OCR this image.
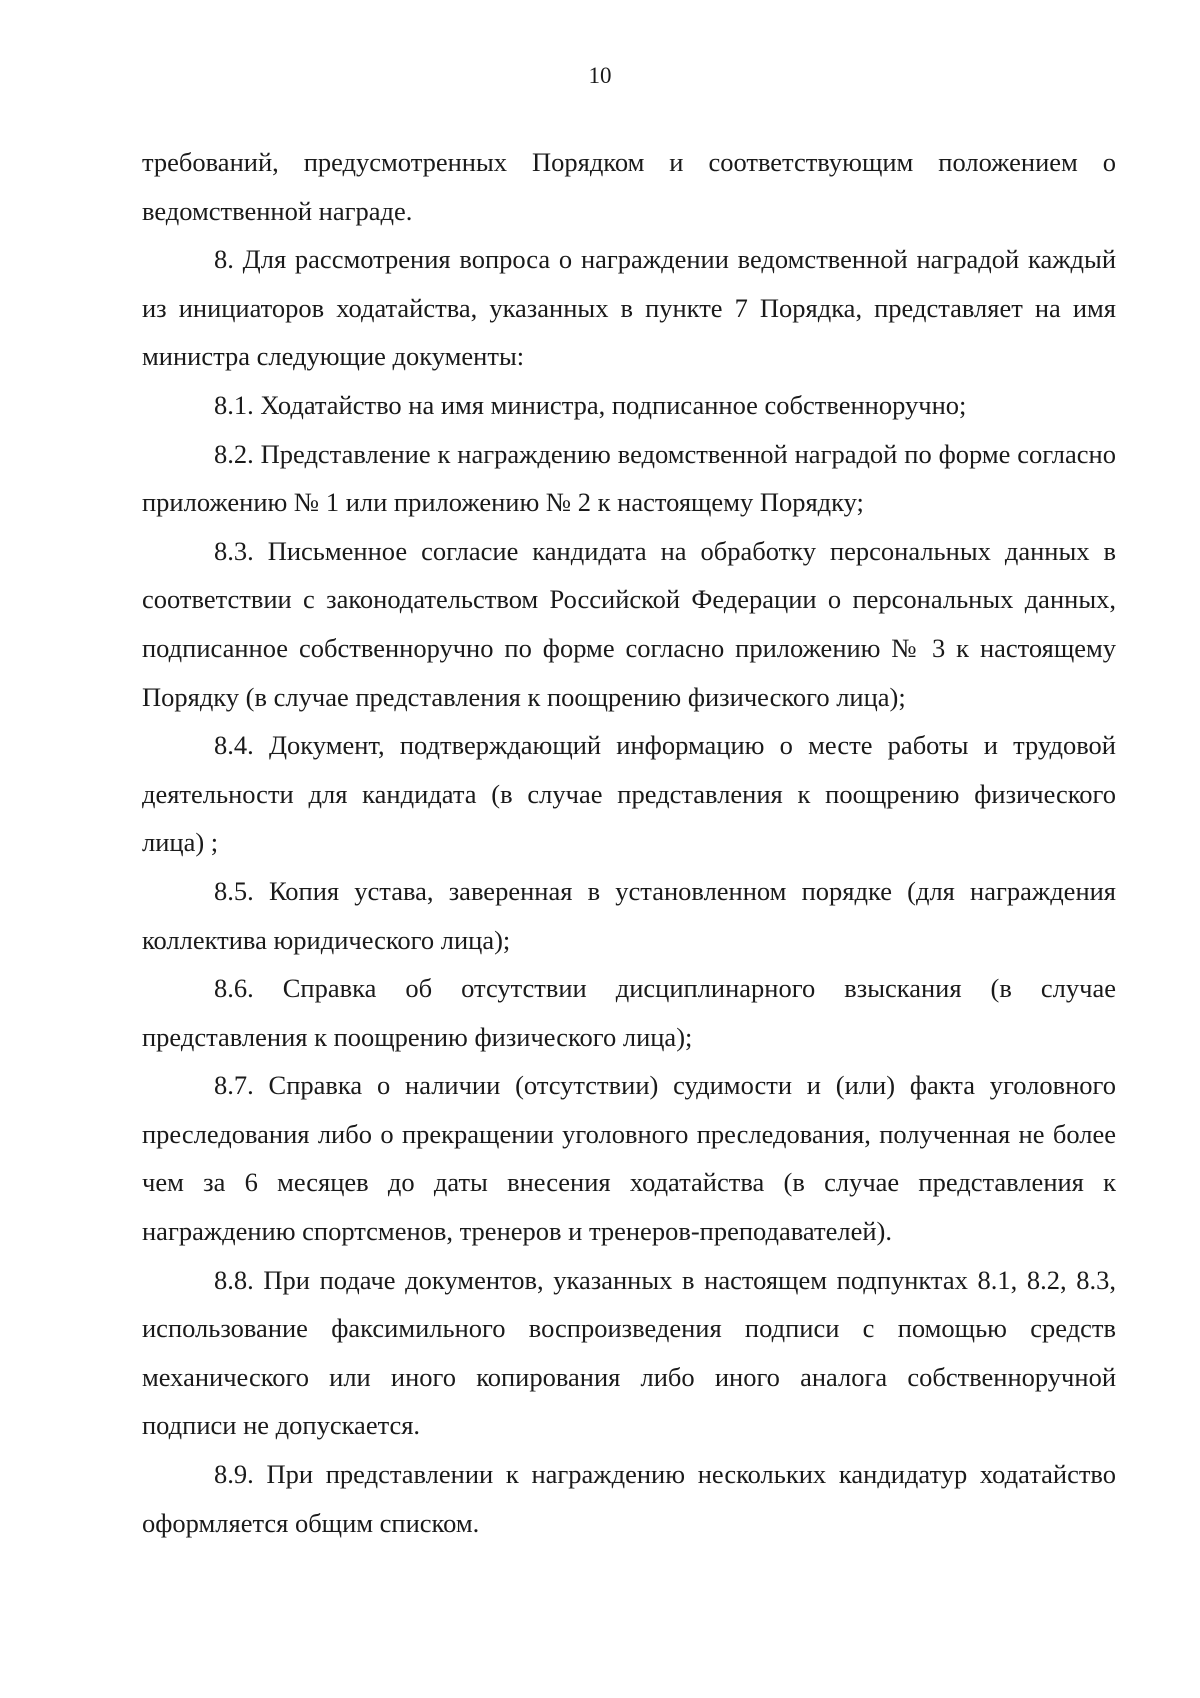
10

требований, предусмотренных Порядком и соответствующим положением о ведомственной награде.

8. Для рассмотрения вопроса о награждении ведомственной наградой каждый из инициаторов ходатайства, указанных в пункте 7 Порядка, представляет на имя министра следующие документы:

8.1. Ходатайство на имя министра, подписанное собственноручно;

8.2. Представление к награждению ведомственной наградой по форме согласно приложению № 1 или приложению № 2 к настоящему Порядку;

8.3. Письменное согласие кандидата на обработку персональных данных в соответствии с законодательством Российской Федерации о персональных данных, подписанное собственноручно по форме согласно приложению № 3 к настоящему Порядку (в случае представления к поощрению физического лица);

8.4. Документ, подтверждающий информацию о месте работы и трудовой деятельности для кандидата (в случае представления к поощрению физического лица) ;

8.5. Копия устава, заверенная в установленном порядке (для награждения коллектива юридического лица);

8.6. Справка об отсутствии дисциплинарного взыскания (в случае представления к поощрению физического лица);

8.7. Справка о наличии (отсутствии) судимости и (или) факта уголовного преследования либо о прекращении уголовного преследования, полученная не более чем за 6 месяцев до даты внесения ходатайства (в случае представления к награждению спортсменов, тренеров и тренеров-преподавателей).

8.8. При подаче документов, указанных в настоящем подпунктах 8.1, 8.2, 8.3, использование факсимильного воспроизведения подписи с помощью средств механического или иного копирования либо иного аналога собственноручной подписи не допускается.

8.9. При представлении к награждению нескольких кандидатур ходатайство оформляется общим списком.
